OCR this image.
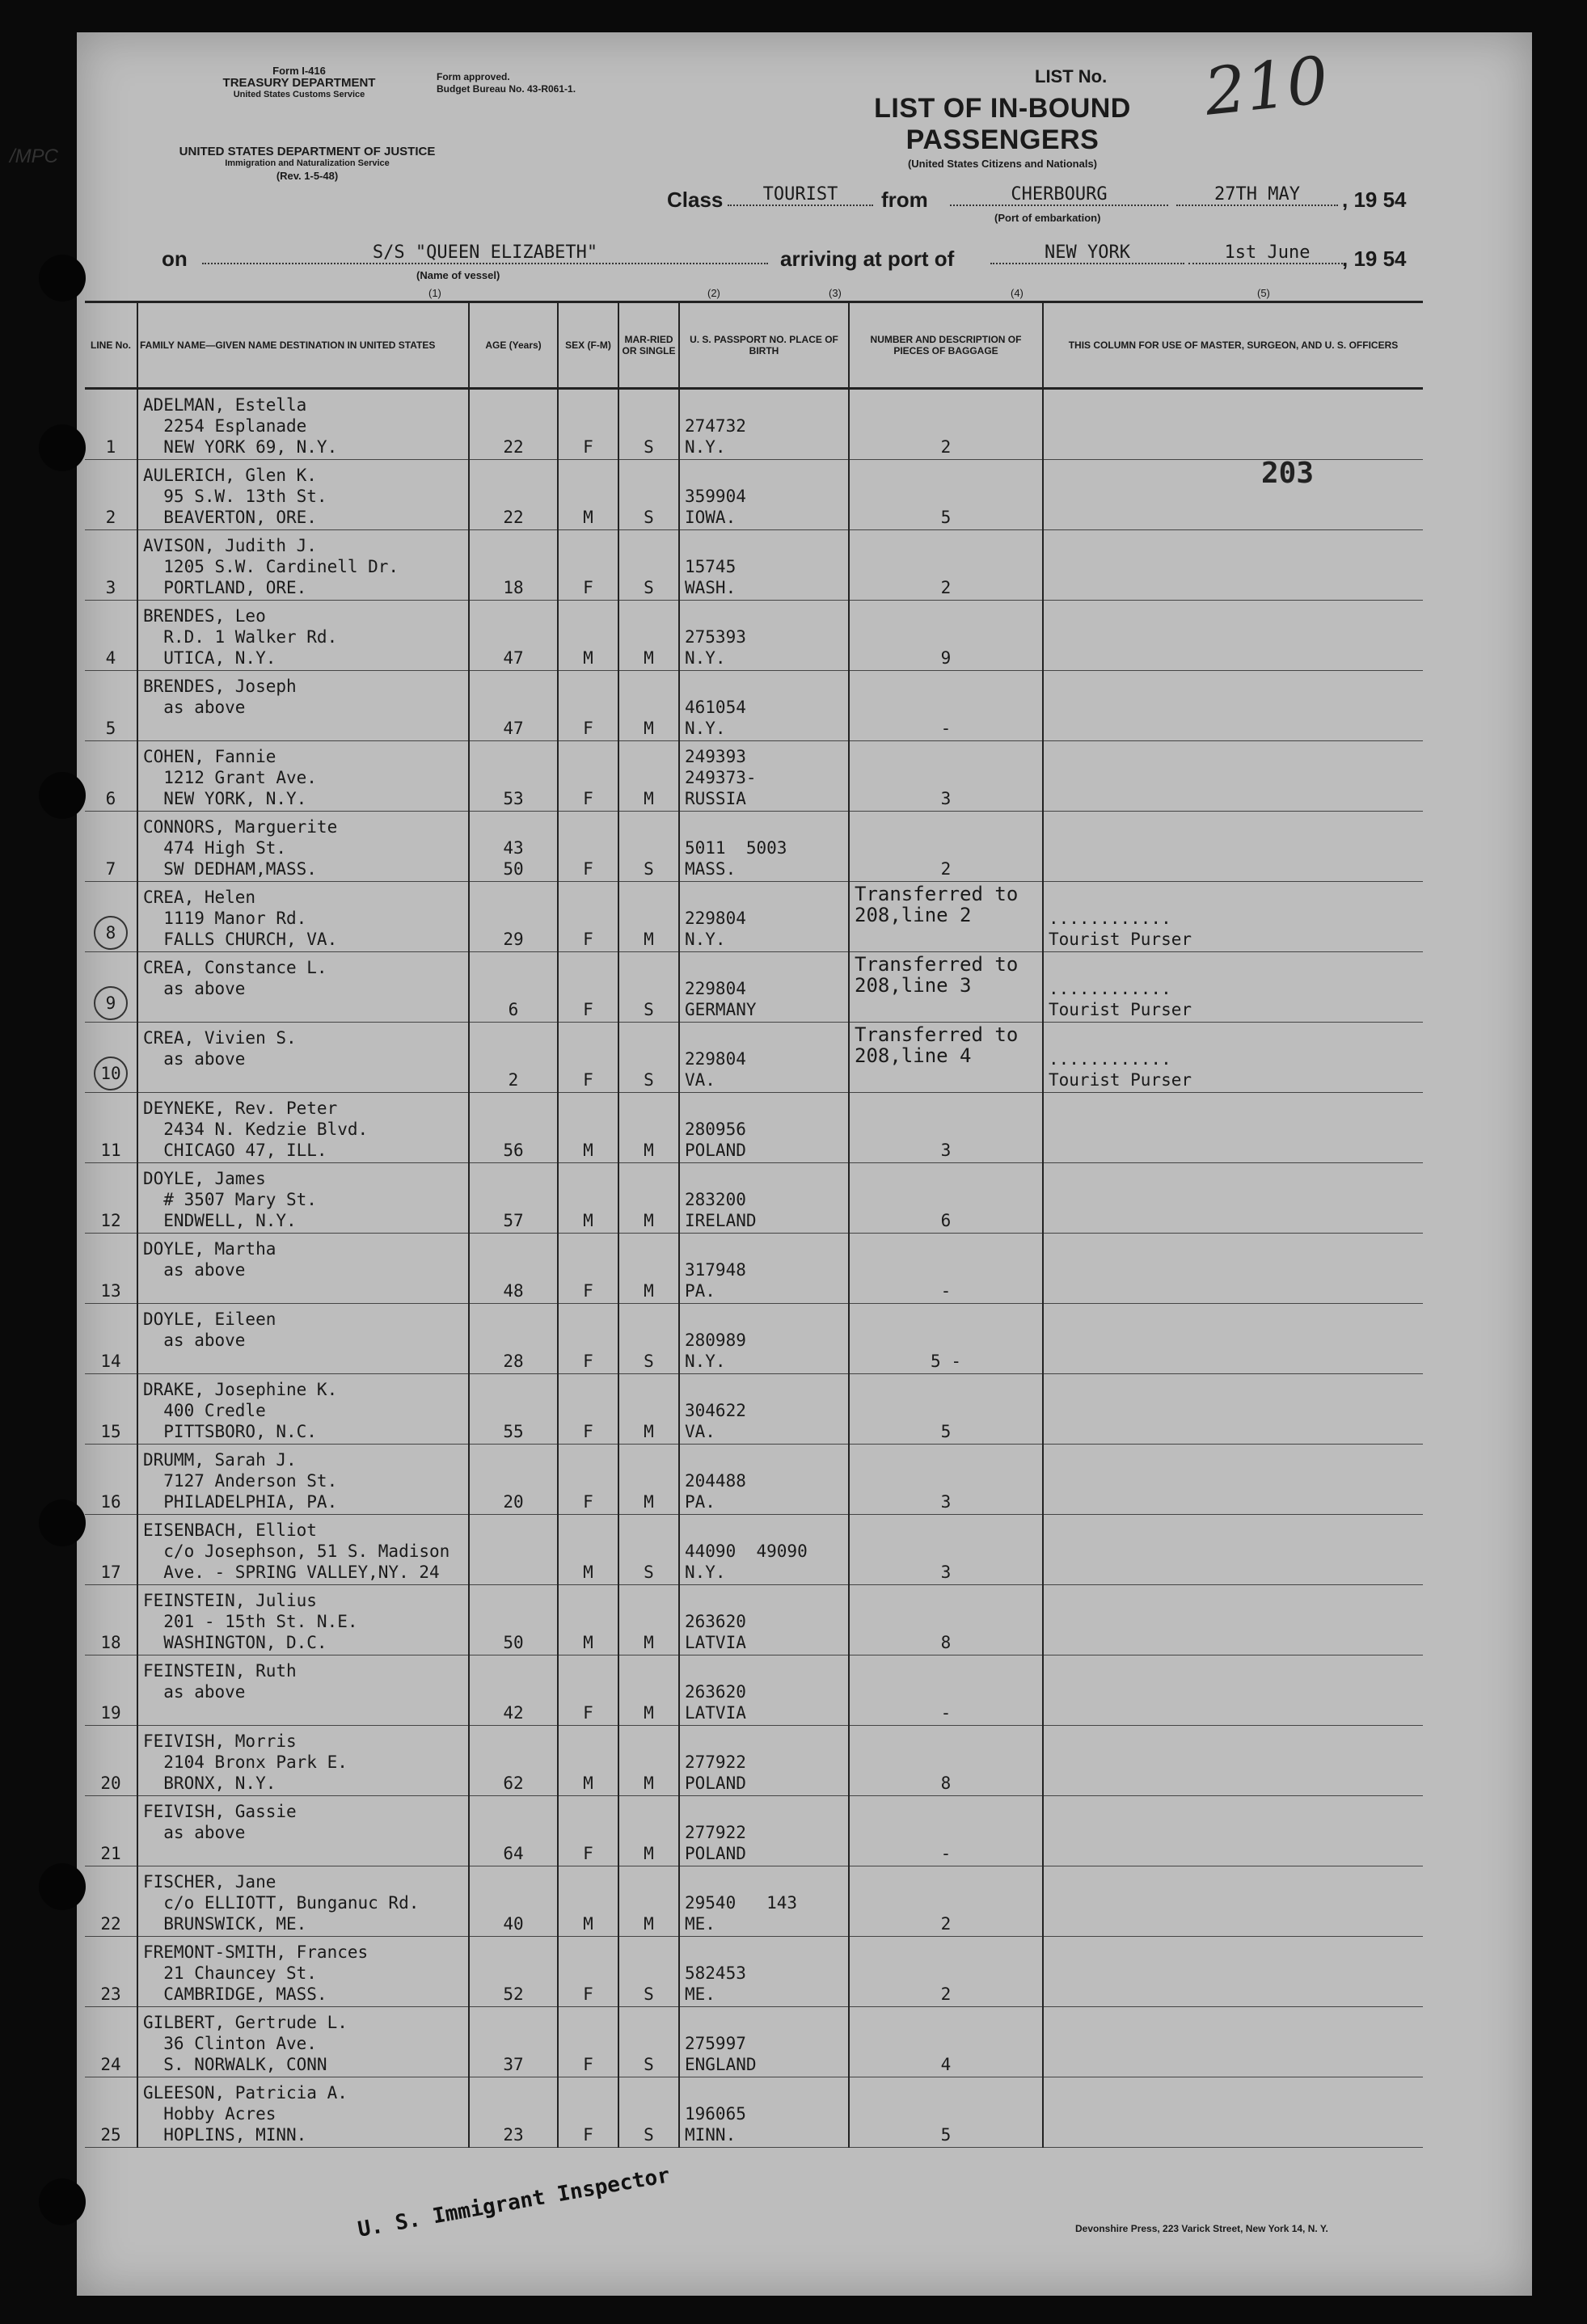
/MPC
Form I-416
TREASURY DEPARTMENT
United States Customs Service
Form approved.
Budget Bureau No. 43-R061-1.
UNITED STATES DEPARTMENT OF JUSTICE
Immigration and Naturalization Service
(Rev. 1-5-48)
LIST No. 210
LIST OF IN-BOUND PASSENGERS
(United States Citizens and Nationals)
Class	TOURIST	from	CHERBOURG
(Port of embarkation)
27TH MAY	, 19 54
on	S/S "QUEEN ELIZABETH"
(Name of vessel)
arriving at port of	NEW YORK	1st June	, 19 54
(1)	(2)	(3)	(4)	(5)
203
LINE No.	FAMILY NAME—GIVEN NAME DESTINATION IN UNITED STATES	AGE (Years)	SEX (F-M)	MAR-RIED OR SINGLE	U. S. PASSPORT NO. PLACE OF BIRTH	NUMBER AND DESCRIPTION OF PIECES OF BAGGAGE	THIS COLUMN FOR USE OF MASTER, SURGEON, AND U. S. OFFICERS
1	ADELMAN, Estella
2254 Esplanade
NEW YORK 69, N.Y.	22	F	S	274732
N.Y.	2	
2	AULERICH, Glen K.
95 S.W. 13th St.
BEAVERTON, ORE.	22	M	S	359904
IOWA.	5	
3	AVISON, Judith J.
1205 S.W. Cardinell Dr.
PORTLAND, ORE.	18	F	S	15745
WASH.	2	
4	BRENDES, Leo
R.D. 1 Walker Rd.
UTICA, N.Y.	47	M	M	275393
N.Y.	9	
5	BRENDES, Joseph
as above	47	F	M	461054
N.Y.	-	
6	COHEN, Fannie
1212 Grant Ave.
NEW YORK, N.Y.	53	F	M	249393
249373-
RUSSIA	3	
7	CONNORS, Marguerite
474 High St.
SW DEDHAM,MASS.	43
50	F	S	5011  5003
MASS.	2	
8	CREA, Helen
1119 Manor Rd.
FALLS CHURCH, VA.	29	F	M	229804
N.Y.	Transferred to
208,line 2	............
Tourist Purser
9	CREA, Constance L.
as above	6	F	S	229804
GERMANY	Transferred to
208,line 3	............
Tourist Purser
10	CREA, Vivien S.
as above	2	F	S	229804
VA.	Transferred to
208,line 4	............
Tourist Purser
11	DEYNEKE, Rev. Peter
2434 N. Kedzie Blvd.
CHICAGO 47, ILL.	56	M	M	280956
POLAND	3	
12	DOYLE, James
# 3507 Mary St.
ENDWELL, N.Y.	57	M	M	283200
IRELAND	6	
13	DOYLE, Martha
as above	48	F	M	317948
PA.	-	
14	DOYLE, Eileen
as above	28	F	S	280989
N.Y.	5 -	
15	DRAKE, Josephine K.
400 Credle
PITTSBORO, N.C.	55	F	M	304622
VA.	5	
16	DRUMM, Sarah J.
7127 Anderson St.
PHILADELPHIA, PA.	20	F	M	204488
PA.	3	
17	EISENBACH, Elliot
c/o Josephson, 51 S. Madison
Ave. - SPRING VALLEY,NY. 24		M	S	44090  49090
N.Y.	3	
18	FEINSTEIN, Julius
201 - 15th St. N.E.
WASHINGTON, D.C.	50	M	M	263620
LATVIA	8	
19	FEINSTEIN, Ruth
as above	42	F	M	263620
LATVIA	-	
20	FEIVISH, Morris
2104 Bronx Park E.
BRONX, N.Y.	62	M	M	277922
POLAND	8	
21	FEIVISH, Gassie
as above	64	F	M	277922
POLAND	-	
22	FISCHER, Jane
c/o ELLIOTT, Bunganuc Rd.
BRUNSWICK, ME.	40	M	M	29540   143
ME.	2	
23	FREMONT-SMITH, Frances
21 Chauncey St.
CAMBRIDGE, MASS.	52	F	S	582453
ME.	2	
24	GILBERT, Gertrude L.
36 Clinton Ave.
S. NORWALK, CONN	37	F	S	275997
ENGLAND	4	
25	GLEESON, Patricia A.
Hobby Acres
HOPLINS, MINN.	23	F	S	196065
MINN.	5	
U. S. Immigrant Inspector	Devonshire Press, 223 Varick Street, New York 14, N. Y.
